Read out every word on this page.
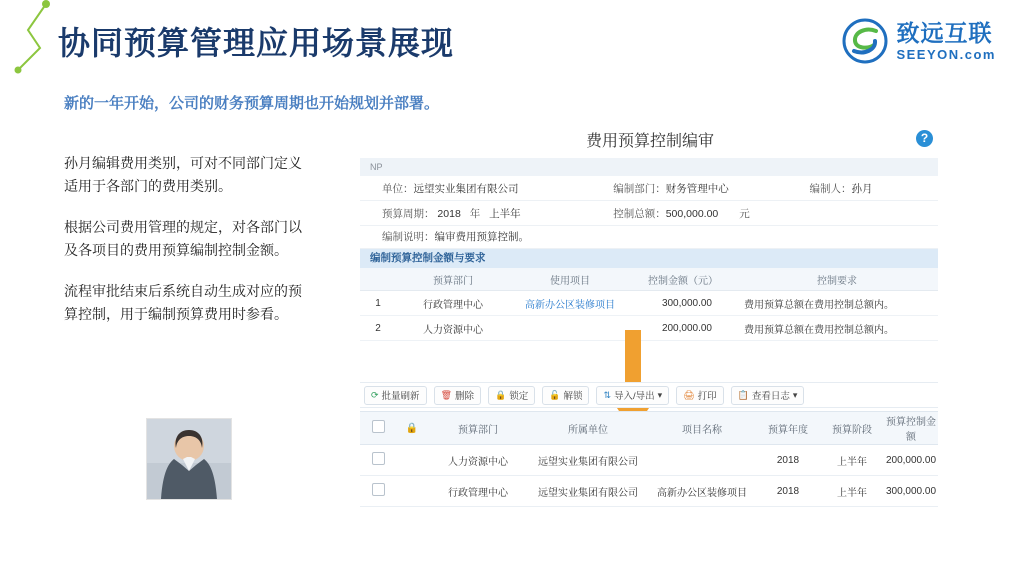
协同预算管理应用场景展现	致远互联
SEEYON.com
新的一年开始，公司的财务预算周期也开始规划并部署。

孙月编辑费用类别，可对不同部门定义适用于各部门的费用类别。

根据公司费用管理的规定，对各部门以及各项目的费用预算编制控制金额。

流程审批结束后系统自动生成对应的预算控制，用于编制预算费用时参看。

费用预算控制编审	?
NP
单位：远望实业集团有限公司	编制部门：财务管理中心	编制人：孙月
预算周期： 2018 年 上半年	控制总额：500,000.00 元
编制说明：编审费用预算控制。
编制预算控制金额与要求
	预算部门	使用项目	控制金额（元）	控制要求
1	行政管理中心	高新办公区装修项目	300,000.00	费用预算总额在费用控制总额内。
2	人力资源中心		200,000.00	费用预算总额在费用控制总额内。
⟳ 批量刷新 🗑 删除 🔒 锁定 🔓 解锁 ⇅ 导入/导出 ▾ 🖨 打印 📋 查看日志 ▾
	🔒	预算部门	所属单位	项目名称	预算年度	预算阶段	预算控制金额
		人力资源中心	远望实业集团有限公司		2018	上半年	200,000.00
		行政管理中心	远望实业集团有限公司	高新办公区装修项目	2018	上半年	300,000.00
